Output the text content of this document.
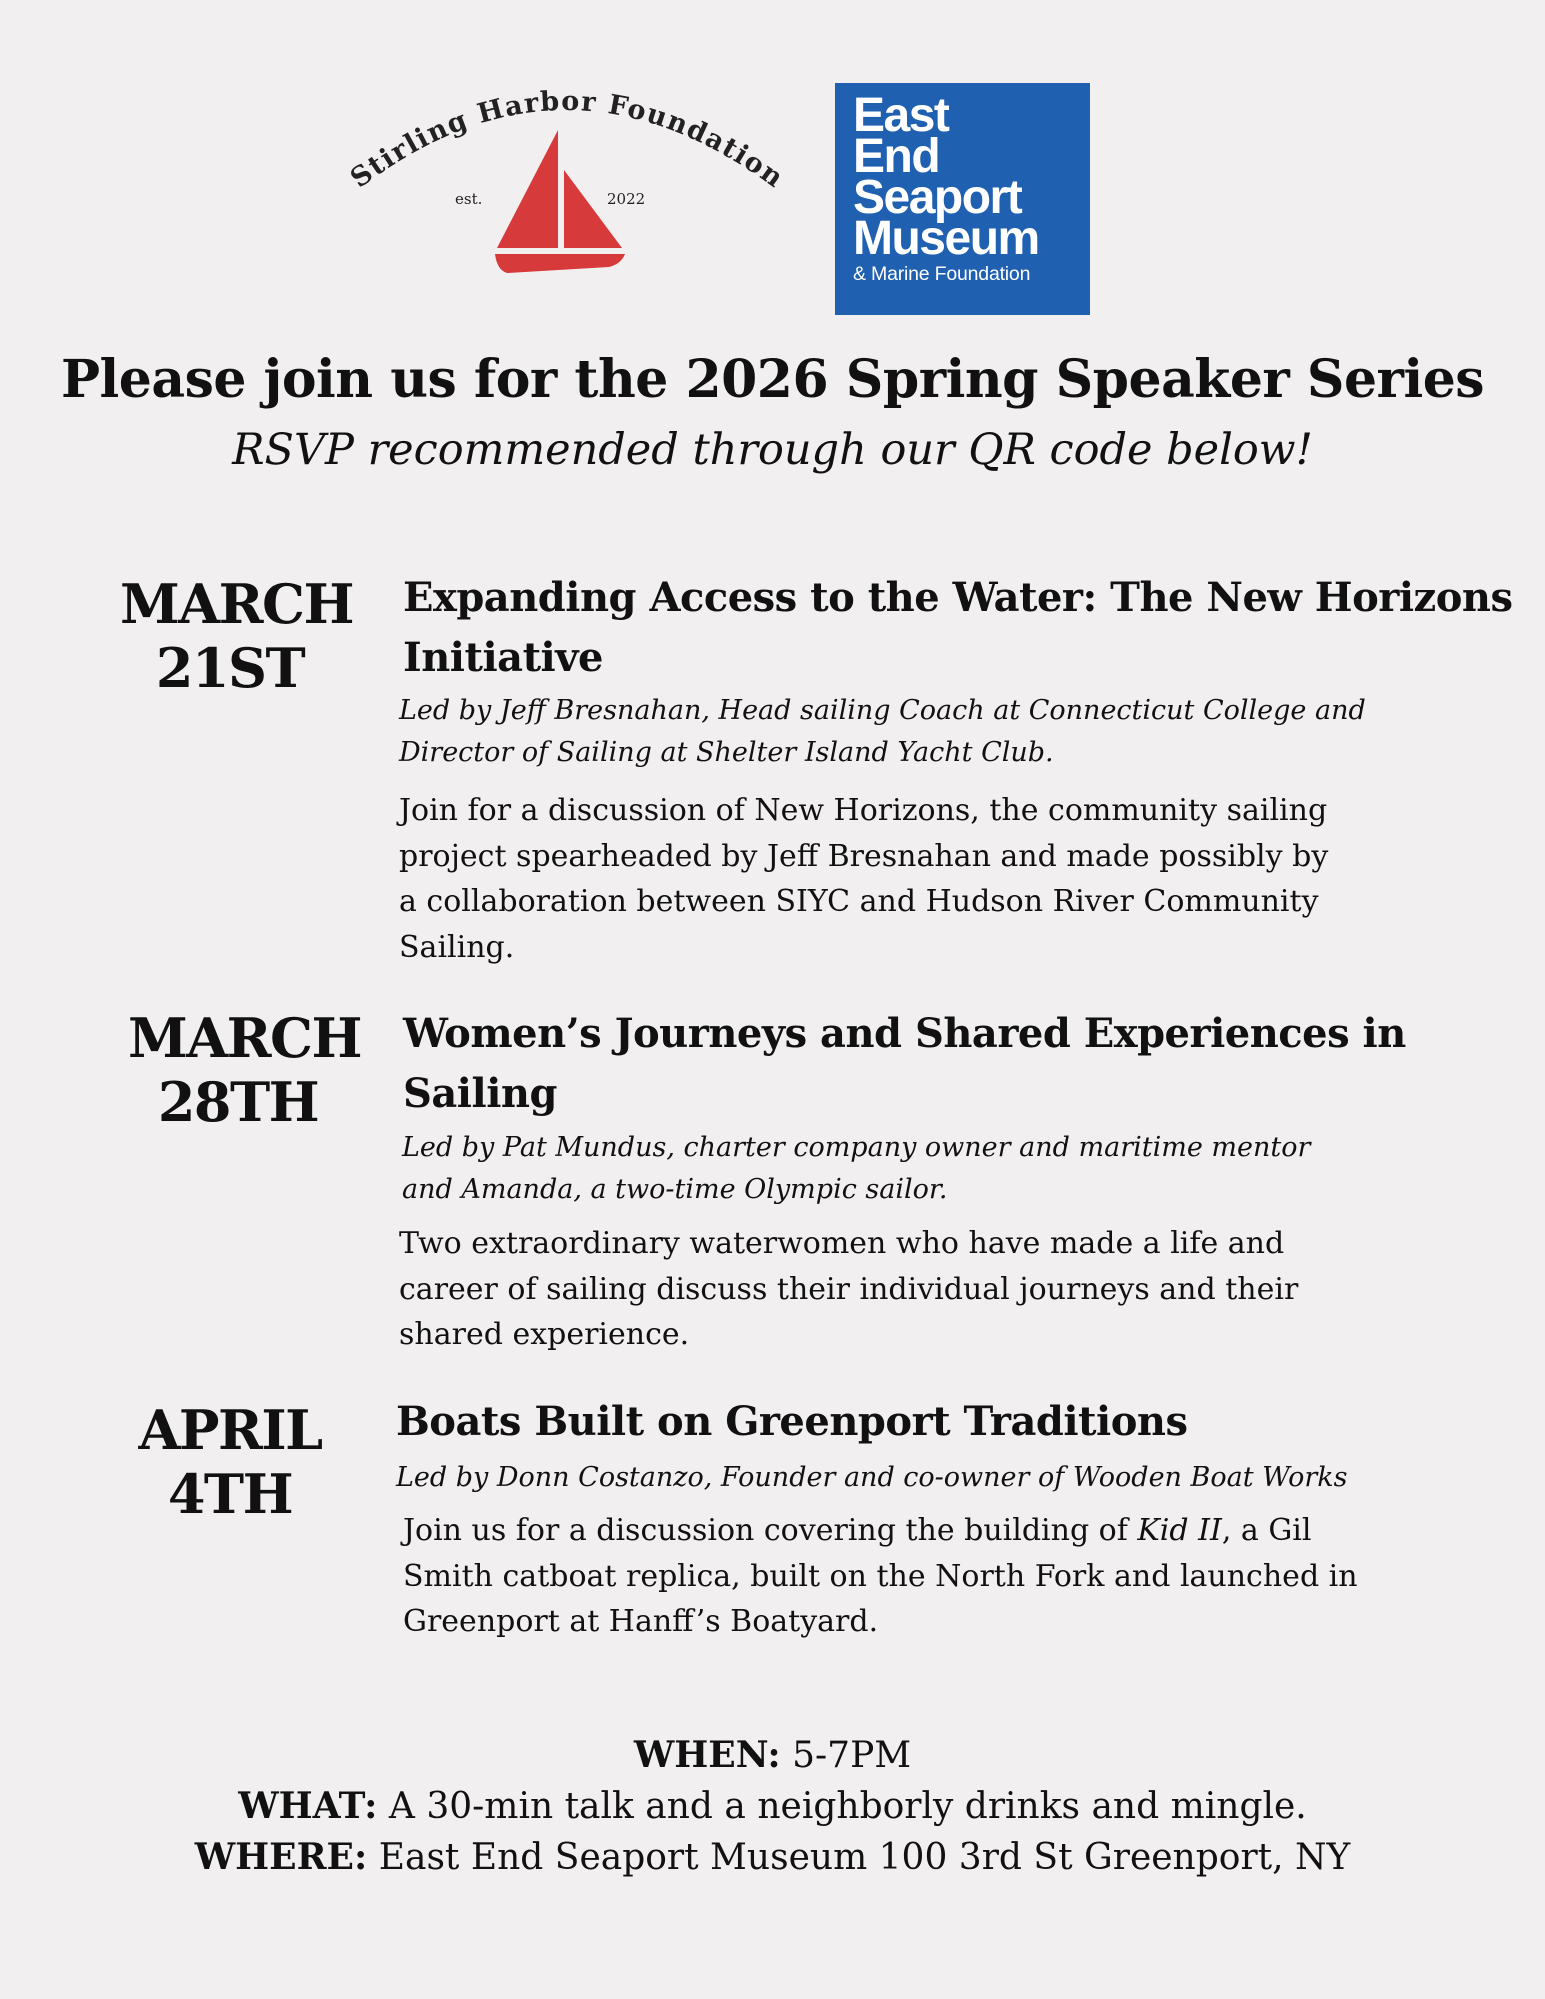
Stirling Harbor Foundation
est.	2022
East
End
Seaport
Museum
& Marine Foundation
Please join us for the 2026 Spring Speaker Series

RSVP recommended through our QR code below!

MARCH
21ST
Expanding Access to the Water: The New Horizons
Initiative
Led by Jeff Bresnahan, Head sailing Coach at Connecticut College and
Director of Sailing at Shelter Island Yacht Club.
Join for a discussion of New Horizons, the community sailing
project spearheaded by Jeff Bresnahan and made possibly by
a collaboration between SIYC and Hudson River Community
Sailing.
MARCH
28TH
Women’s Journeys and Shared Experiences in
Sailing
Led by Pat Mundus, charter company owner and maritime mentor
and Amanda, a two-time Olympic sailor.
Two extraordinary waterwomen who have made a life and
career of sailing discuss their individual journeys and their
shared experience.
APRIL
4TH
Boats Built on Greenport Traditions
Led by Donn Costanzo, Founder and co-owner of Wooden Boat Works
Join us for a discussion covering the building of Kid II, a Gil
Smith catboat replica, built on the North Fork and launched in
Greenport at Hanff’s Boatyard.

WHEN: 5-7PM

WHAT: A 30-min talk and a neighborly drinks and mingle.

WHERE: East End Seaport Museum 100 3rd St Greenport, NY
